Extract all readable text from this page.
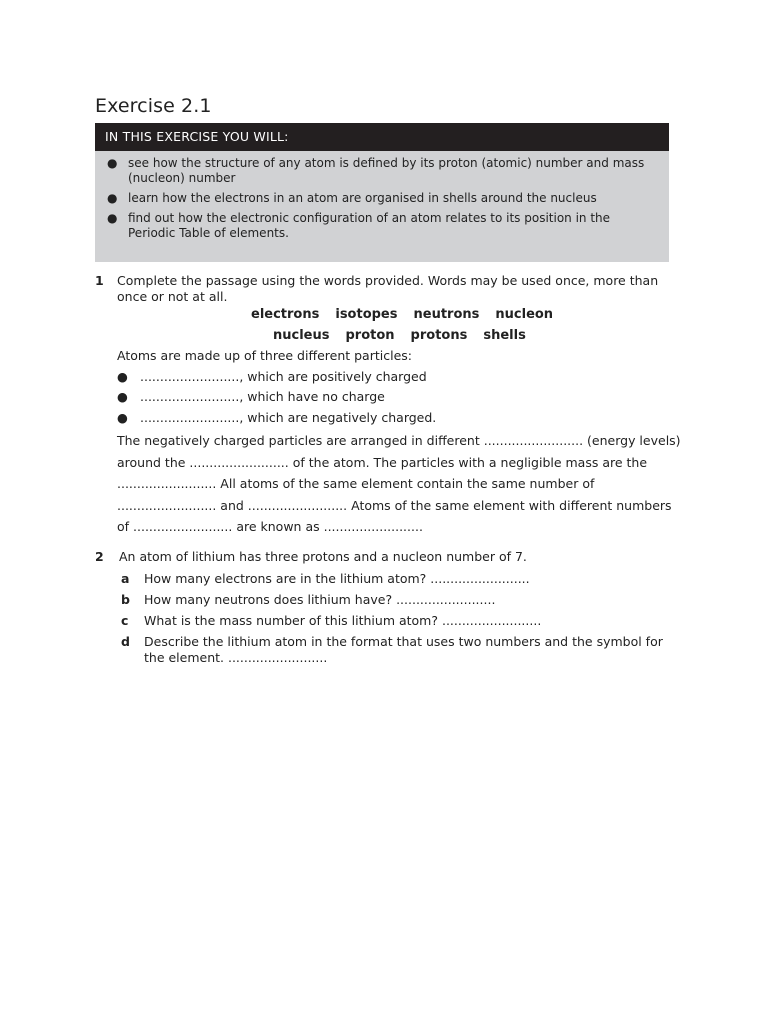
Exercise 2.1
IN THIS EXERCISE YOU WILL:
● see how the structure of any atom is defined by its proton (atomic) number and mass (nucleon) number
● learn how the electrons in an atom are organised in shells around the nucleus
● find out how the electronic configuration of an atom relates to its position in the Periodic Table of elements.
1 Complete the passage using the words provided. Words may be used once, more than once or not at all.
electrons isotopes neutrons nucleon
nucleus proton protons shells
Atoms are made up of three different particles:
● ........................., which are positively charged
● ........................., which have no charge
● ........................., which are negatively charged.
The negatively charged particles are arranged in different ......................... (energy levels)
around the ......................... of the atom. The particles with a negligible mass are the
......................... All atoms of the same element contain the same number of
......................... and ......................... Atoms of the same element with different numbers
of ......................... are known as .........................
2 An atom of lithium has three protons and a nucleon number of 7.
a How many electrons are in the lithium atom? .........................
b How many neutrons does lithium have? .........................
c What is the mass number of this lithium atom? .........................
d Describe the lithium atom in the format that uses two numbers and the symbol for the element. .........................
